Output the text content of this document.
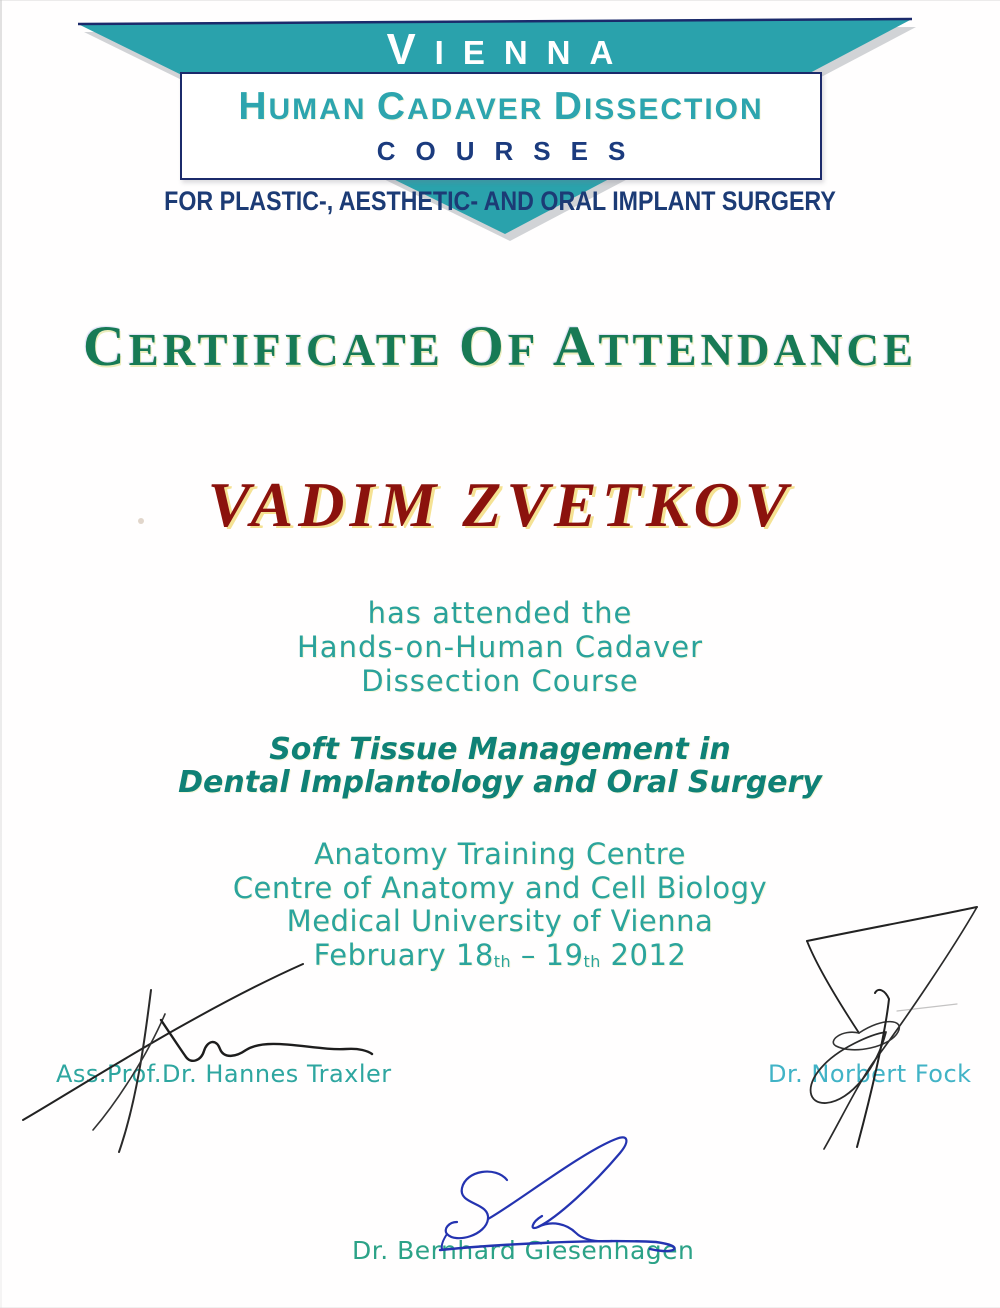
VIENNA
HUMAN CADAVER DISSECTION
COURSES
FOR PLASTIC-, AESTHETIC- AND ORAL IMPLANT SURGERY
CERTIFICATE OF ATTENDANCE
VADIM ZVETKOV
has attended the
Hands-on-Human Cadaver
Dissection Course
Soft Tissue Management in
Dental Implantology and Oral Surgery
Anatomy Training Centre
Centre of Anatomy and Cell Biology
Medical University of Vienna
February 18th – 19th 2012
Ass.Prof.Dr. Hannes Traxler	Dr. Norbert Fock
Dr. Bernhard Giesenhagen
